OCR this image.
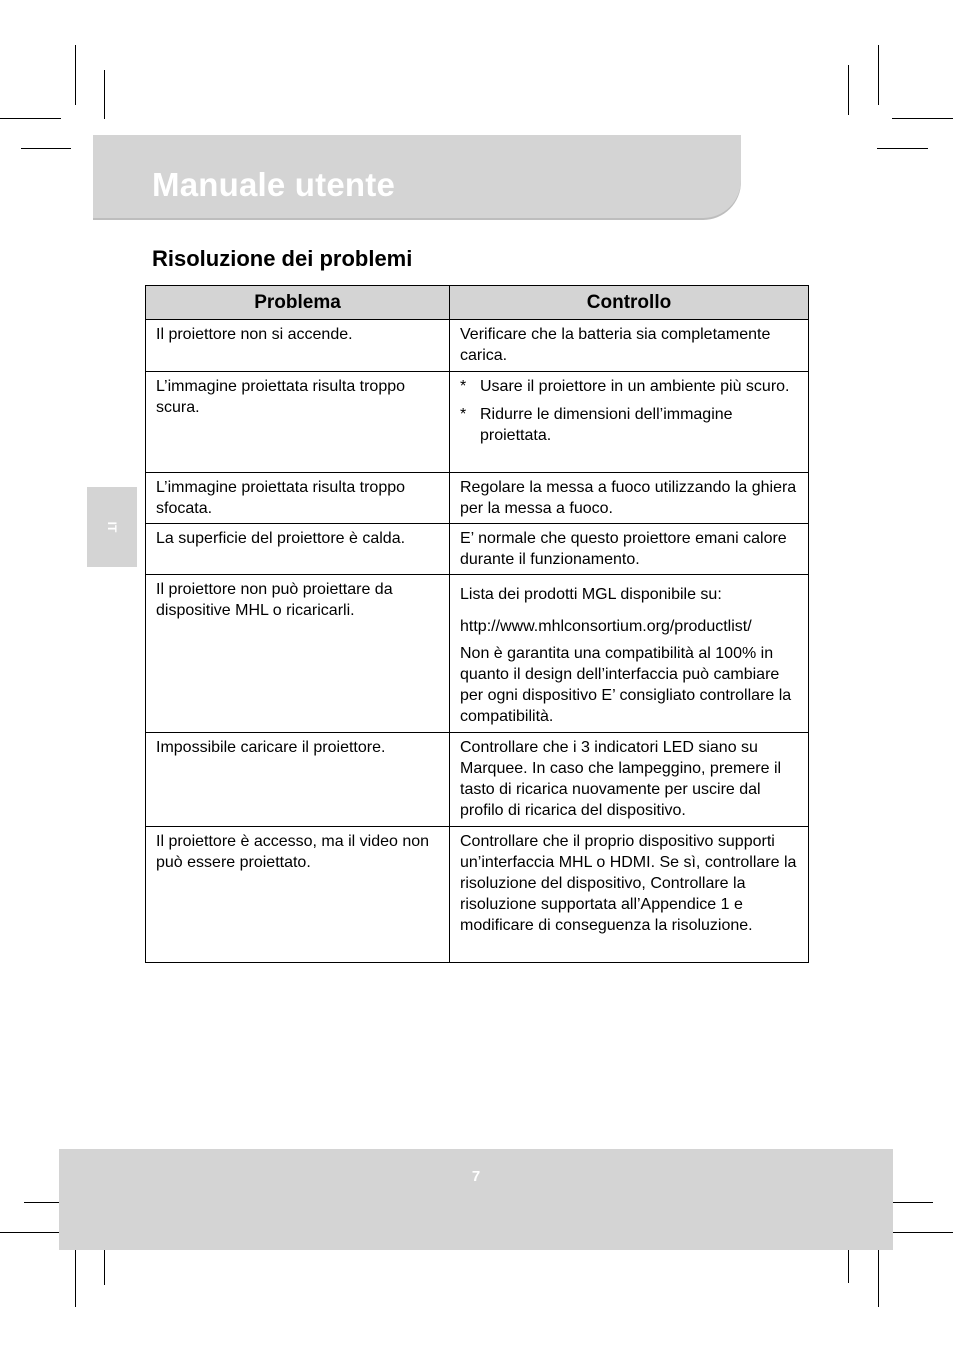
Manuale utente
Risoluzione dei problemi
IT
Problema	Controllo
Il proiettore non si accende.	Verificare che la batteria sia completamente carica.
L’immagine proiettata risulta troppo scura.	* Usare il proiettore in un ambiente più scuro.
* Ridurre le dimensioni dell’immagine proiettata.

L’immagine proiettata risulta troppo sfocata.	Regolare la messa a fuoco utilizzando la ghiera per la messa a fuoco.
La superficie del proiettore è calda.	E’ normale che questo proiettore emani calore durante il funzionamento.
Il proiettore non può proiettare da dispositive MHL o ricaricarli.	Lista dei prodotti MGL disponibile su:
http://www.mhlconsortium.org/productlist/
Non è garantita una compatibilità al 100% in quanto il design dell’interfaccia può cambiare per ogni dispositivo E’ consigliato controllare la compatibilità.

Impossibile caricare il proiettore.	Controllare che i 3 indicatori LED siano su Marquee. In caso che lampeggino, premere il tasto di ricarica nuovamente per uscire dal profilo di ricarica del dispositivo.
Il proiettore è accesso, ma il video non può essere proiettato.	Controllare che il proprio dispositivo supporti un’interfaccia MHL o HDMI. Se sì, controllare la risoluzione del dispositivo, Controllare la risoluzione supportata all’Appendice 1 e modificare di conseguenza la risoluzione.
7
